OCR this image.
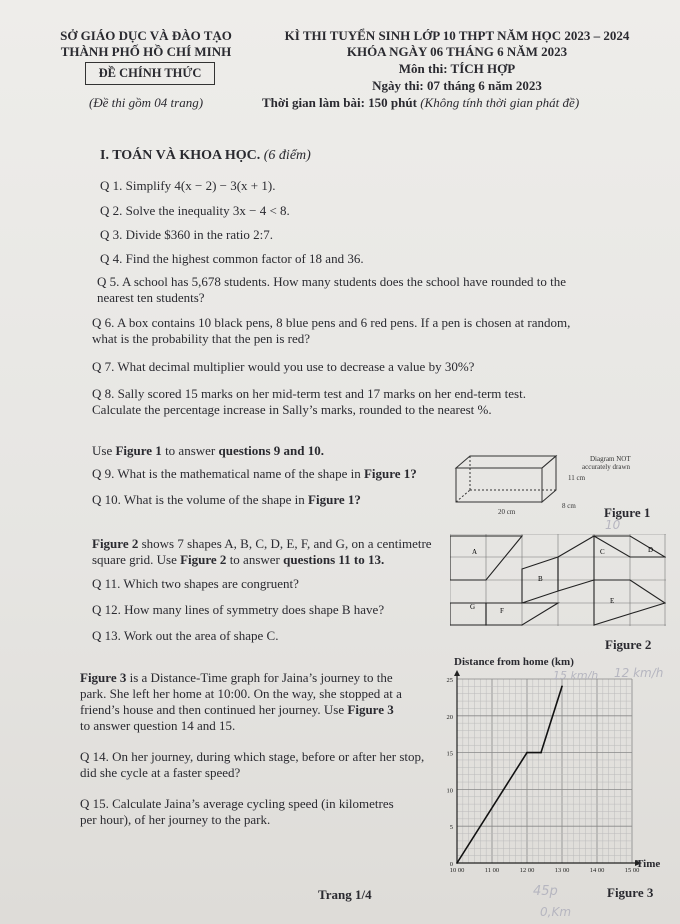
SỞ GIÁO DỤC VÀ ĐÀO TẠO
THÀNH PHỐ HỒ CHÍ MINH
ĐỀ CHÍNH THỨC
(Đề thi gồm 04 trang)
KÌ THI TUYỂN SINH LỚP 10 THPT NĂM HỌC 2023 – 2024
KHÓA NGÀY 06 THÁNG 6 NĂM 2023
Môn thi: TÍCH HỢP
Ngày thi: 07 tháng 6 năm 2023
Thời gian làm bài: 150 phút (Không tính thời gian phát đề)
I. TOÁN VÀ KHOA HỌC. (6 điểm)
Q 1. Simplify 4(x − 2) − 3(x + 1).
Q 2. Solve the inequality 3x − 4 < 8.
Q 3. Divide $360 in the ratio 2:7.
Q 4. Find the highest common factor of 18 and 36.
Q 5. A school has 5,678 students. How many students does the school have rounded to the
nearest ten students?
Q 6. A box contains 10 black pens, 8 blue pens and 6 red pens. If a pen is chosen at random,
what is the probability that the pen is red?
Q 7. What decimal multiplier would you use to decrease a value by 30%?
Q 8. Sally scored 15 marks on her mid-term test and 17 marks on her end-term test.
Calculate the percentage increase in Sally’s marks, rounded to the nearest %.
Use Figure 1 to answer questions 9 and 10.
Q 9. What is the mathematical name of the shape in Figure 1?
Q 10. What is the volume of the shape in Figure 1?
Diagram NOT
accurately drawn
11 cm
8 cm
20 cm	Figure 1
Figure 2 shows 7 shapes A, B, C, D, E, F, and G, on a centimetre
square grid. Use Figure 2 to answer questions 11 to 13.
Q 11. Which two shapes are congruent?
Q 12. How many lines of symmetry does shape B have?
Q 13. Work out the area of shape C.
A
B
C	D
E
F
G
Figure 2
Figure 3 is a Distance-Time graph for Jaina’s journey to the
park. She left her home at 10:00. On the way, she stopped at a
friend’s house and then continued her journey. Use Figure 3
to answer question 14 and 15.
Q 14. On her journey, during which stage, before or after her stop,
did she cycle at a faster speed?
Q 15. Calculate Jaina’s average cycling speed (in kilometres
per hour), of her journey to the park.
Distance from home (km)
0
5
10
15
20
25
10 00	11 00	12 00	13 00	14 00	15 00
Time
Figure 3
Trang 1/4
10
15 km/h 12 km/h
45p
0,Km
